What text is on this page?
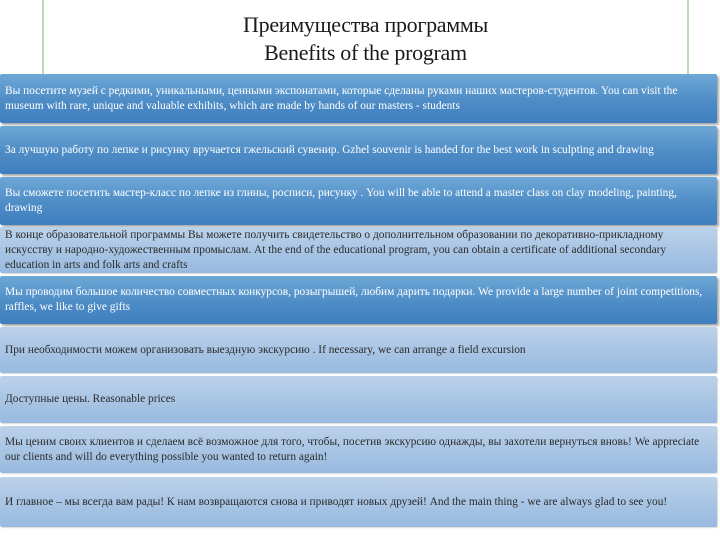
Преимущества программы
Benefits of the program
Вы посетите музей с редкими, уникальными, ценными экспонатами, которые сделаны руками наших мастеров-студентов. You can visit the museum with rare, unique and valuable exhibits, which are made by hands of our masters - students
За лучшую работу по лепке и рисунку вручается гжельский сувенир. Gzhel souvenir is handed for the best work in sculpting and drawing
Вы сможете посетить мастер-класс по лепке из глины, росписи, рисунку . You will be able to attend a master class on clay modeling, painting, drawing
В конце образовательной программы Вы можете получить свидетельство о дополнительном образовании по декоративно-прикладному искусству и народно-художественным промыслам. At the end of the educational program, you can obtain a certificate of additional secondary education in arts and folk arts and crafts
Мы проводим большое количество совместных конкурсов, розыгрышей, любим дарить подарки. We provide a large number of joint competitions, raffles, we like to give gifts
При необходимости можем организовать выездную экскурсию . If necessary, we can arrange a field excursion
Доступные цены. Reasonable prices
Мы ценим своих клиентов и сделаем всё возможное для того, чтобы, посетив экскурсию однажды, вы захотели вернуться вновь! We appreciate our clients and will do everything possible you wanted to return again!
И главное – мы всегда вам рады! К нам возвращаются снова и приводят новых друзей! And the main thing - we are always glad to see you!
